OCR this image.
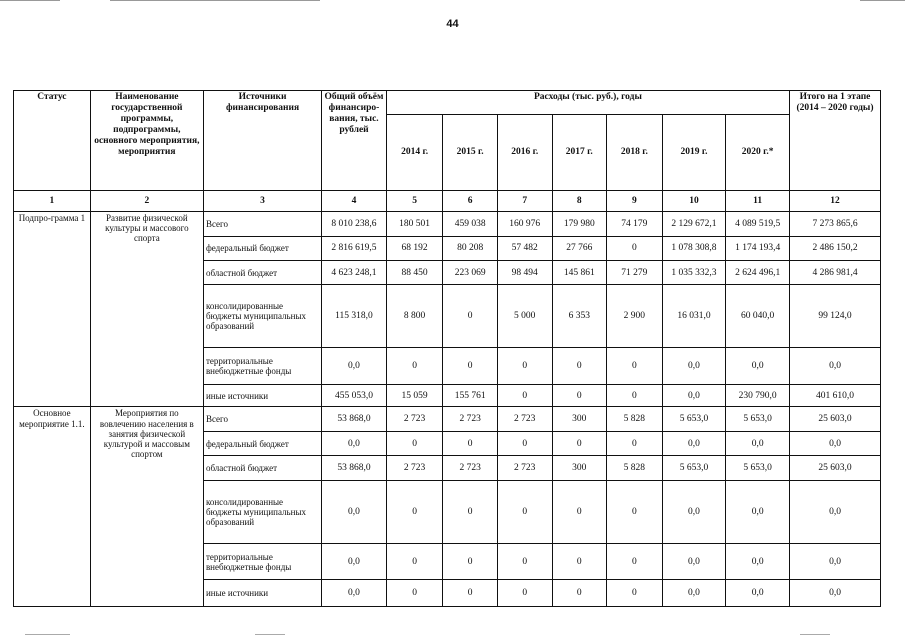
44
Статус	Наименование государственной программы, подпрограммы, основного мероприятия, мероприятия	Источники финансирования	Общий объём финансиро-вания, тыс. рублей	Расходы (тыс. руб.), годы							Итого на 1 этапе (2014 – 2020 годы)
				2014 г.	2015 г.	2016 г.	2017 г.	2018 г.	2019 г.	2020 г.*	
1	2	3	4	5	6	7	8	9	10	11	12
Подпро-грамма 1	Развитие физической культуры и массового спорта	Всего	8 010 238,6	180 501	459 038	160 976	179 980	74 179	2 129 672,1	4 089 519,5	7 273 865,6
		федеральный бюджет	2 816 619,5	68 192	80 208	57 482	27 766	0	1 078 308,8	1 174 193,4	2 486 150,2
		областной бюджет	4 623 248,1	88 450	223 069	98 494	145 861	71 279	1 035 332,3	2 624 496,1	4 286 981,4
		консолидированные бюджеты муниципальных образований	115 318,0	8 800	0	5 000	6 353	2 900	16 031,0	60 040,0	99 124,0
		территориальные внебюджетные фонды	0,0	0	0	0	0	0	0,0	0,0	0,0
		иные источники	455 053,0	15 059	155 761	0	0	0	0,0	230 790,0	401 610,0
Основное мероприятие 1.1.	Мероприятия по вовлечению населения в занятия физической культурой и массовым спортом	Всего	53 868,0	2 723	2 723	2 723	300	5 828	5 653,0	5 653,0	25 603,0
		федеральный бюджет	0,0	0	0	0	0	0	0,0	0,0	0,0
		областной бюджет	53 868,0	2 723	2 723	2 723	300	5 828	5 653,0	5 653,0	25 603,0
		консолидированные бюджеты муниципальных образований	0,0	0	0	0	0	0	0,0	0,0	0,0
		территориальные внебюджетные фонды	0,0	0	0	0	0	0	0,0	0,0	0,0
		иные источники	0,0	0	0	0	0	0	0,0	0,0	0,0
